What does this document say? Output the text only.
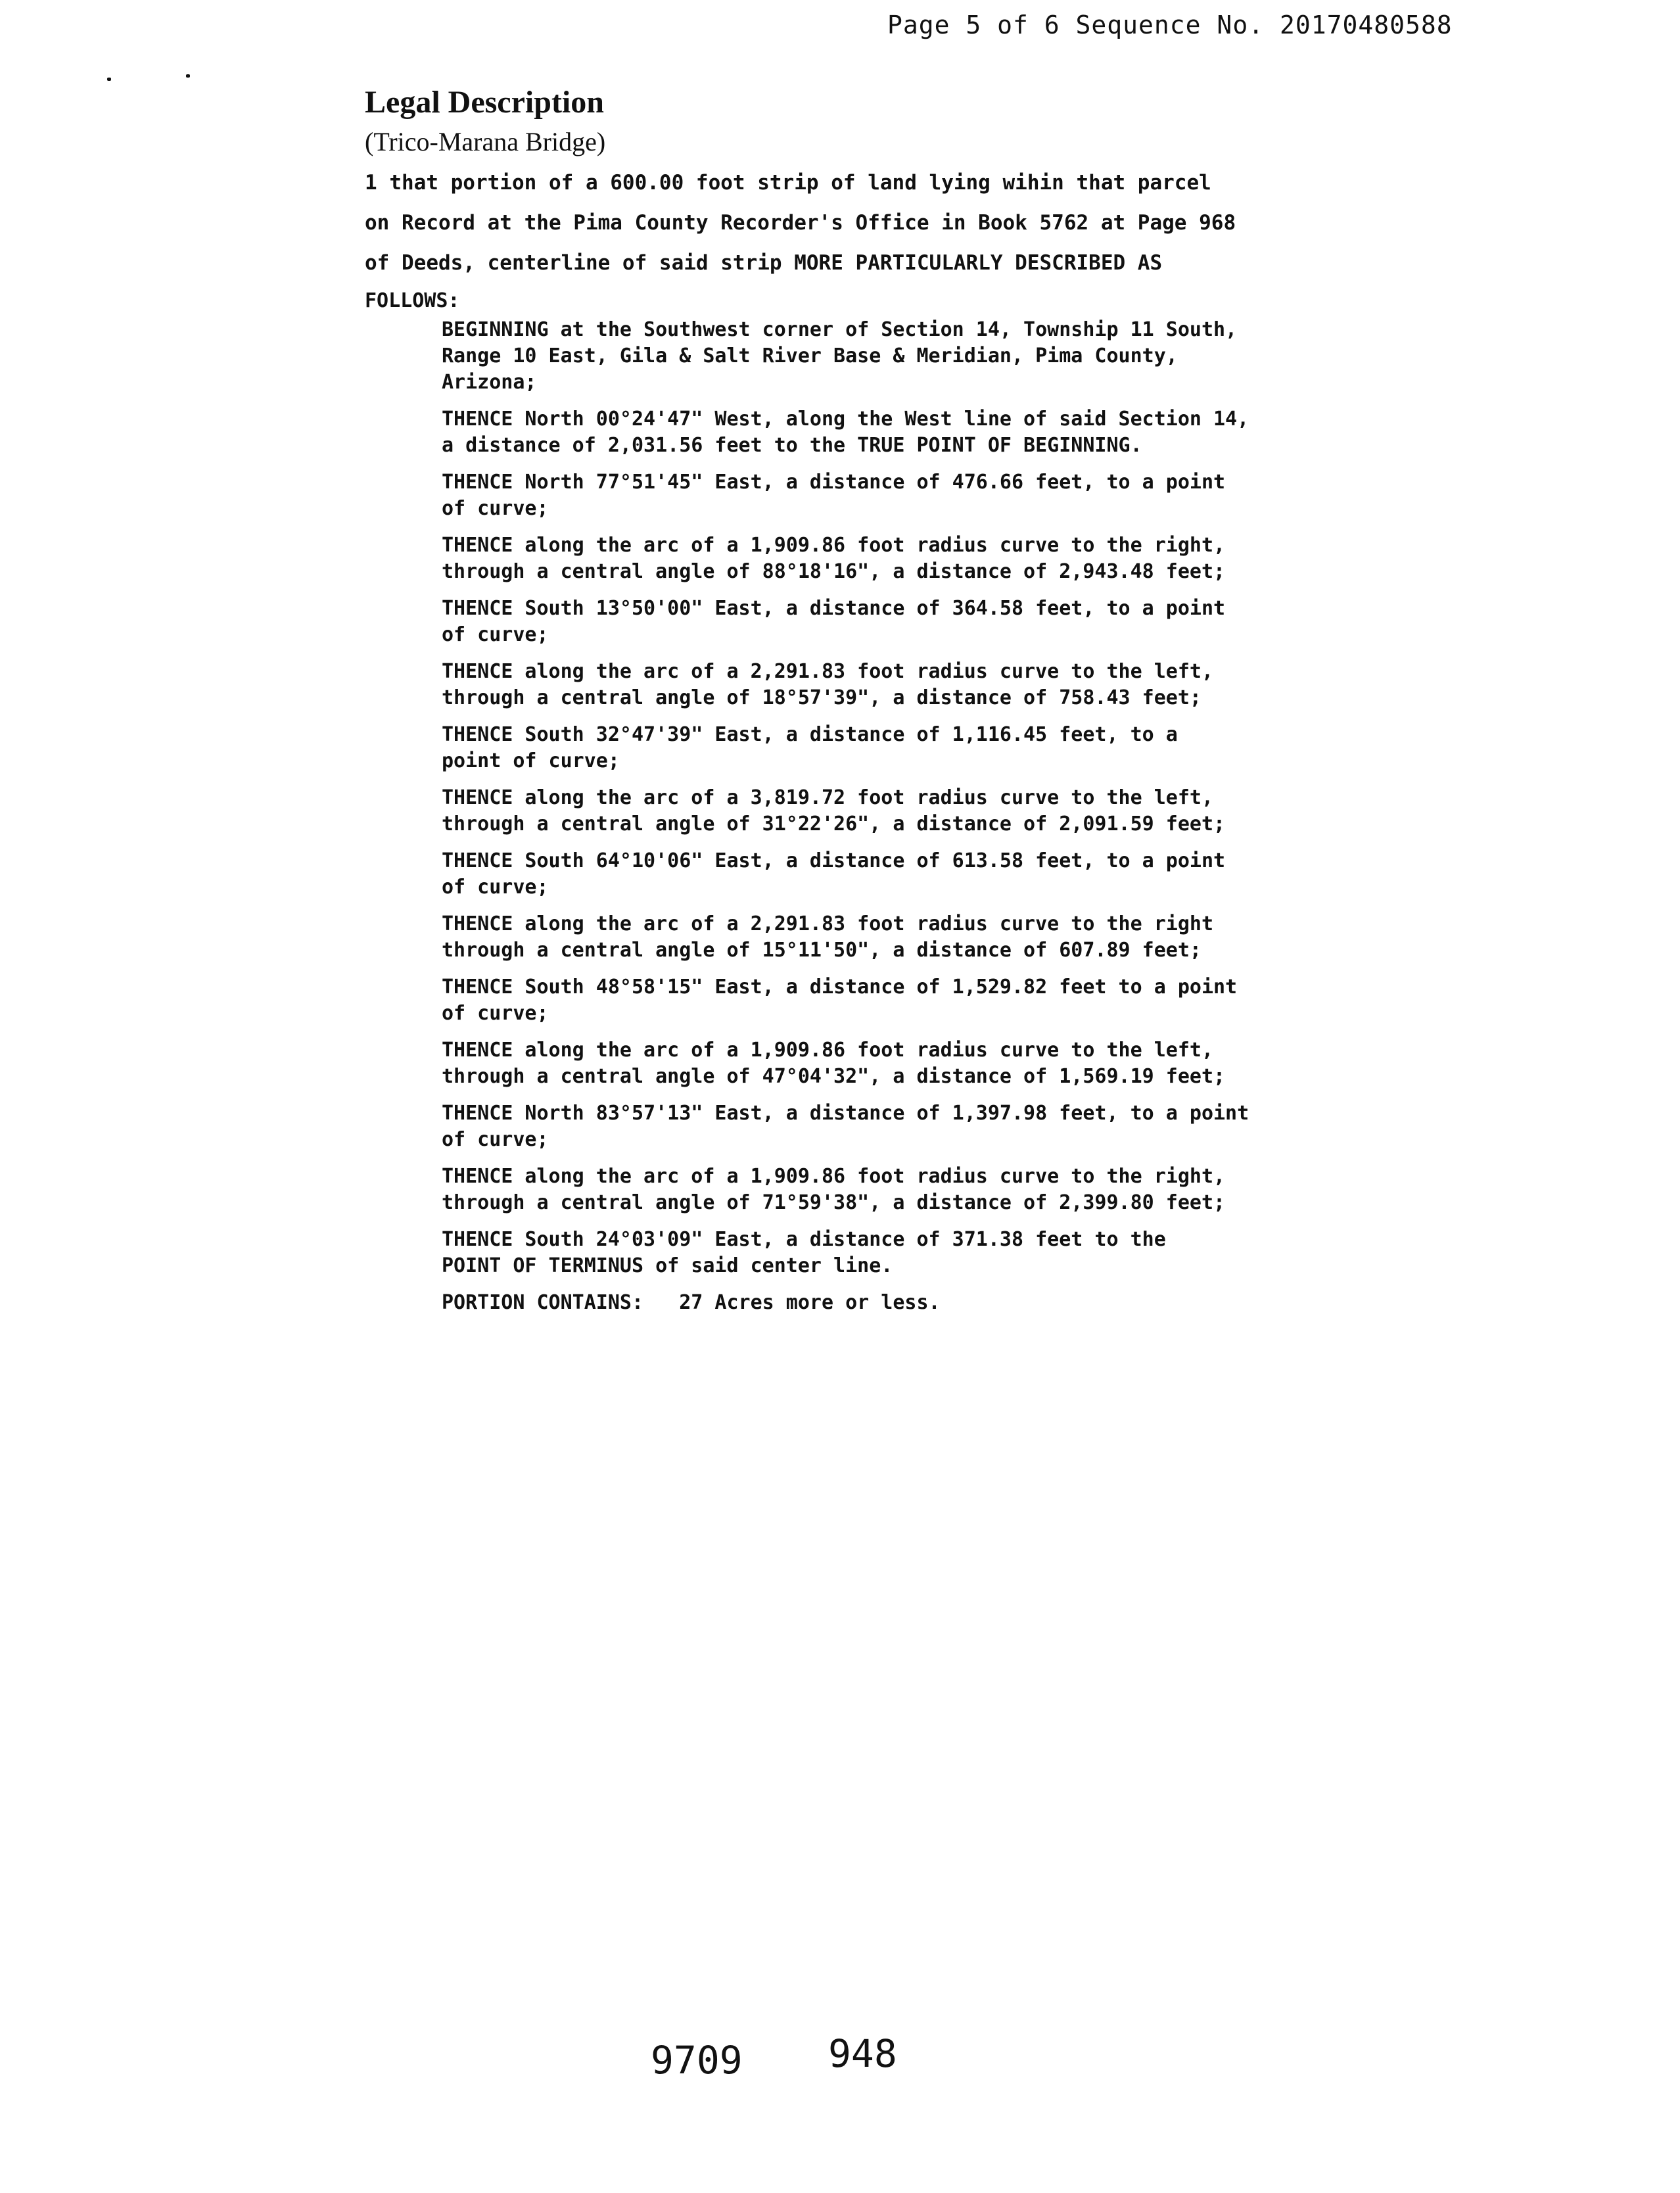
Page 5 of 6 Sequence No. 20170480588
Legal Description
(Trico-Marana Bridge)
1 that portion of a 600.00 foot strip of land lying wihin that parcel
on Record at the Pima County Recorder's Office in Book 5762 at Page 968
of Deeds, centerline of said strip MORE PARTICULARLY DESCRIBED AS
FOLLOWS:
BEGINNING at the Southwest corner of Section 14, Township 11 South,
Range 10 East, Gila & Salt River Base & Meridian, Pima County,
Arizona;
THENCE North 00°24'47" West, along the West line of said Section 14,
a distance of 2,031.56 feet to the TRUE POINT OF BEGINNING.
THENCE North 77°51'45" East, a distance of 476.66 feet, to a point
of curve;
THENCE along the arc of a 1,909.86 foot radius curve to the right,
through a central angle of 88°18'16", a distance of 2,943.48 feet;
THENCE South 13°50'00" East, a distance of 364.58 feet, to a point
of curve;
THENCE along the arc of a 2,291.83 foot radius curve to the left,
through a central angle of 18°57'39", a distance of 758.43 feet;
THENCE South 32°47'39" East, a distance of 1,116.45 feet, to a
point of curve;
THENCE along the arc of a 3,819.72 foot radius curve to the left,
through a central angle of 31°22'26", a distance of 2,091.59 feet;
THENCE South 64°10'06" East, a distance of 613.58 feet, to a point
of curve;
THENCE along the arc of a 2,291.83 foot radius curve to the right
through a central angle of 15°11'50", a distance of 607.89 feet;
THENCE South 48°58'15" East, a distance of 1,529.82 feet to a point
of curve;
THENCE along the arc of a 1,909.86 foot radius curve to the left,
through a central angle of 47°04'32", a distance of 1,569.19 feet;
THENCE North 83°57'13" East, a distance of 1,397.98 feet, to a point
of curve;
THENCE along the arc of a 1,909.86 foot radius curve to the right,
through a central angle of 71°59'38", a distance of 2,399.80 feet;
THENCE South 24°03'09" East, a distance of 371.38 feet to the
POINT OF TERMINUS of said center line.
PORTION CONTAINS: 27 Acres more or less.
9709 948
